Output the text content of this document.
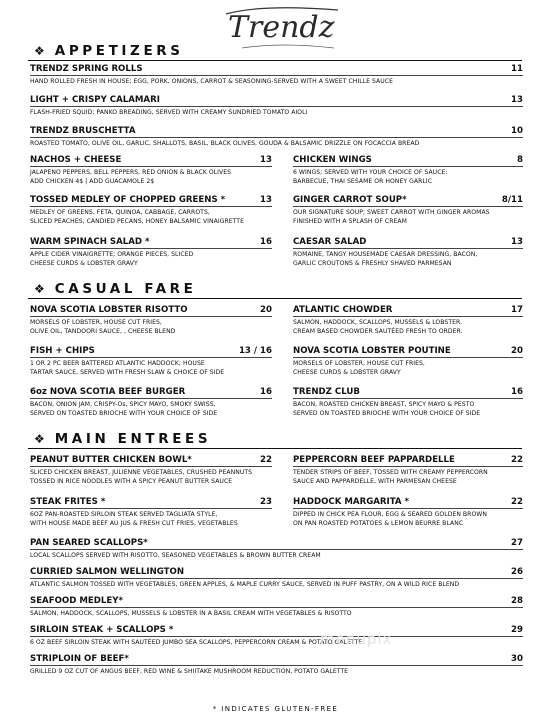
Trendz
❖ APPETIZERS
TRENDZ SPRING ROLLS	11
HAND ROLLED FRESH IN HOUSE; EGG, PORK, ONIONS, CARROT & SEASONING-SERVED WITH A SWEET CHILLE SAUCE
LIGHT + CRISPY CALAMARI	13
FLASH-FRIED SQUID; PANKO BREADING, SERVED WITH CREAMY SUNDRIED TOMATO AIOLI
TRENDZ BRUSCHETTA	10
ROASTED TOMATO, OLIVE OIL, GARLIC, SHALLOTS, BASIL, BLACK OLIVES, GOUDA & BALSAMIC DRIZZLE ON FOCACCIA BREAD
NACHOS + CHEESE	13
JALAPENO PEPPERS, BELL PEPPERS, RED ONION & BLACK OLIVES
ADD CHICKEN 4$ | ADD GUACAMOLE 2$
CHICKEN WINGS	8
6 WINGS; SERVED WITH YOUR CHOICE OF SAUCE:
BARBECUE, THAI SESAME OR HONEY GARLIC
TOSSED MEDLEY OF CHOPPED GREENS *	13
MEDLEY OF GREENS, FETA, QUINOA, CABBAGE, CARROTS,
SLICED PEACHES, CANDIED PECANS, HONEY BALSAMIC VINAIGRETTE
GINGER CARROT SOUP*	8/11
OUR SIGNATURE SOUP; SWEET CARROT WITH GINGER AROMAS
FINISHED WITH A SPLASH OF CREAM
WARM SPINACH SALAD *	16
APPLE CIDER VINAIGRETTE; ORANGE PIECES, SLICED
CHEESE CURDS & LOBSTER GRAVY
CAESAR SALAD	13
ROMAINE, TANGY HOUSEMADE CAESAR DRESSING, BACON,
GARLIC CROUTONS & FRESHLY SHAVED PARMESAN
❖ CASUAL FARE
NOVA SCOTIA LOBSTER RISOTTO	20
MORSELS OF LOBSTER, HOUSE CUT FRIES,
OLIVE OIL, TANDOORI SAUCE, , CHEESE BLEND
ATLANTIC CHOWDER	17
SALMON, HADDOCK, SCALLOPS, MUSSELS & LOBSTER.
CREAM BASED CHOWDER SAUTÉED FRESH TO ORDER.
FISH + CHIPS	13 / 16
1 OR 2 PC BEER BATTERED ATLANTIC HADDOCK; HOUSE
TARTAR SAUCE, SERVED WITH FRESH SLAW & CHOICE OF SIDE
NOVA SCOTIA LOBSTER POUTINE	20
MORSELS OF LOBSTER, HOUSE CUT FRIES,
CHEESE CURDS & LOBSTER GRAVY
6oz NOVA SCOTIA BEEF BURGER	16
BACON, ONION JAM, CRISPY-Os, SPICY MAYO, SMOKY SWISS,
SERVED ON TOASTED BRIOCHE WITH YOUR CHOICE OF SIDE
TRENDZ CLUB	16
BACON, ROASTED CHICKEN BREAST, SPICY MAYO & PESTO
SERVED ON TOASTED BRIOCHE WITH YOUR CHOICE OF SIDE
❖ MAIN ENTREES
PEANUT BUTTER CHICKEN BOWL*	22
SLICED CHICKEN BREAST, JULIENNE VEGETABLES, CRUSHED PEANNUTS
TOSSED IN RICE NOODLES WITH A SPICY PEANUT BUTTER SAUCE
PEPPERCORN BEEF PAPPARDELLE	22
TENDER STRIPS OF BEEF, TOSSED WITH CREAMY PEPPERCORN
SAUCE AND PAPPARDELLE, WITH PARMESAN CHEESE
STEAK FRITES *	23
6OZ PAN-ROASTED SIRLOIN STEAK SERVED TAGLIATA STYLE,
WITH HOUSE MADE BEEF AU JUS & FRESH CUT FRIES, VEGETABLES
HADDOCK MARGARITA *	22
DIPPED IN CHICK PEA FLOUR, EGG & SEARED GOLDEN BROWN
ON PAN ROASTED POTATOES & LEMON BEURRE BLANC
PAN SEARED SCALLOPS*	27
LOCAL SCALLOPS SERVED WITH RISOTTO, SEASONED VEGETABLES & BROWN BUTTER CREAM
CURRIED SALMON WELLINGTON	26
ATLANTIC SALMON TOSSED WITH VEGETABLES, GREEN APPLES, & MAPLE CURRY SAUCE, SERVED IN PUFF PASTRY, ON A WILD RICE BLEND
SEAFOOD MEDLEY*	28
SALMON, HADDOCK, SCALLOPS, MUSSELS & LOBSTER IN A BASIL CREAM WITH VEGETABLES & RISOTTO
SIRLOIN STEAK + SCALLOPS *	29
6 OZ BEEF SIRLOIN STEAK WITH SAUTÉED JUMBO SEA SCALLOPS, PEPPERCORN CREAM & POTATO GALETTE
STRIPLOIN OF BEEF*	30
GRILLED 9 OZ CUT OF ANGUS BEEF, RED WINE & SHIITAKE MUSHROOM REDUCTION, POTATO GALETTE
menupix
* INDICATES GLUTEN-FREE
